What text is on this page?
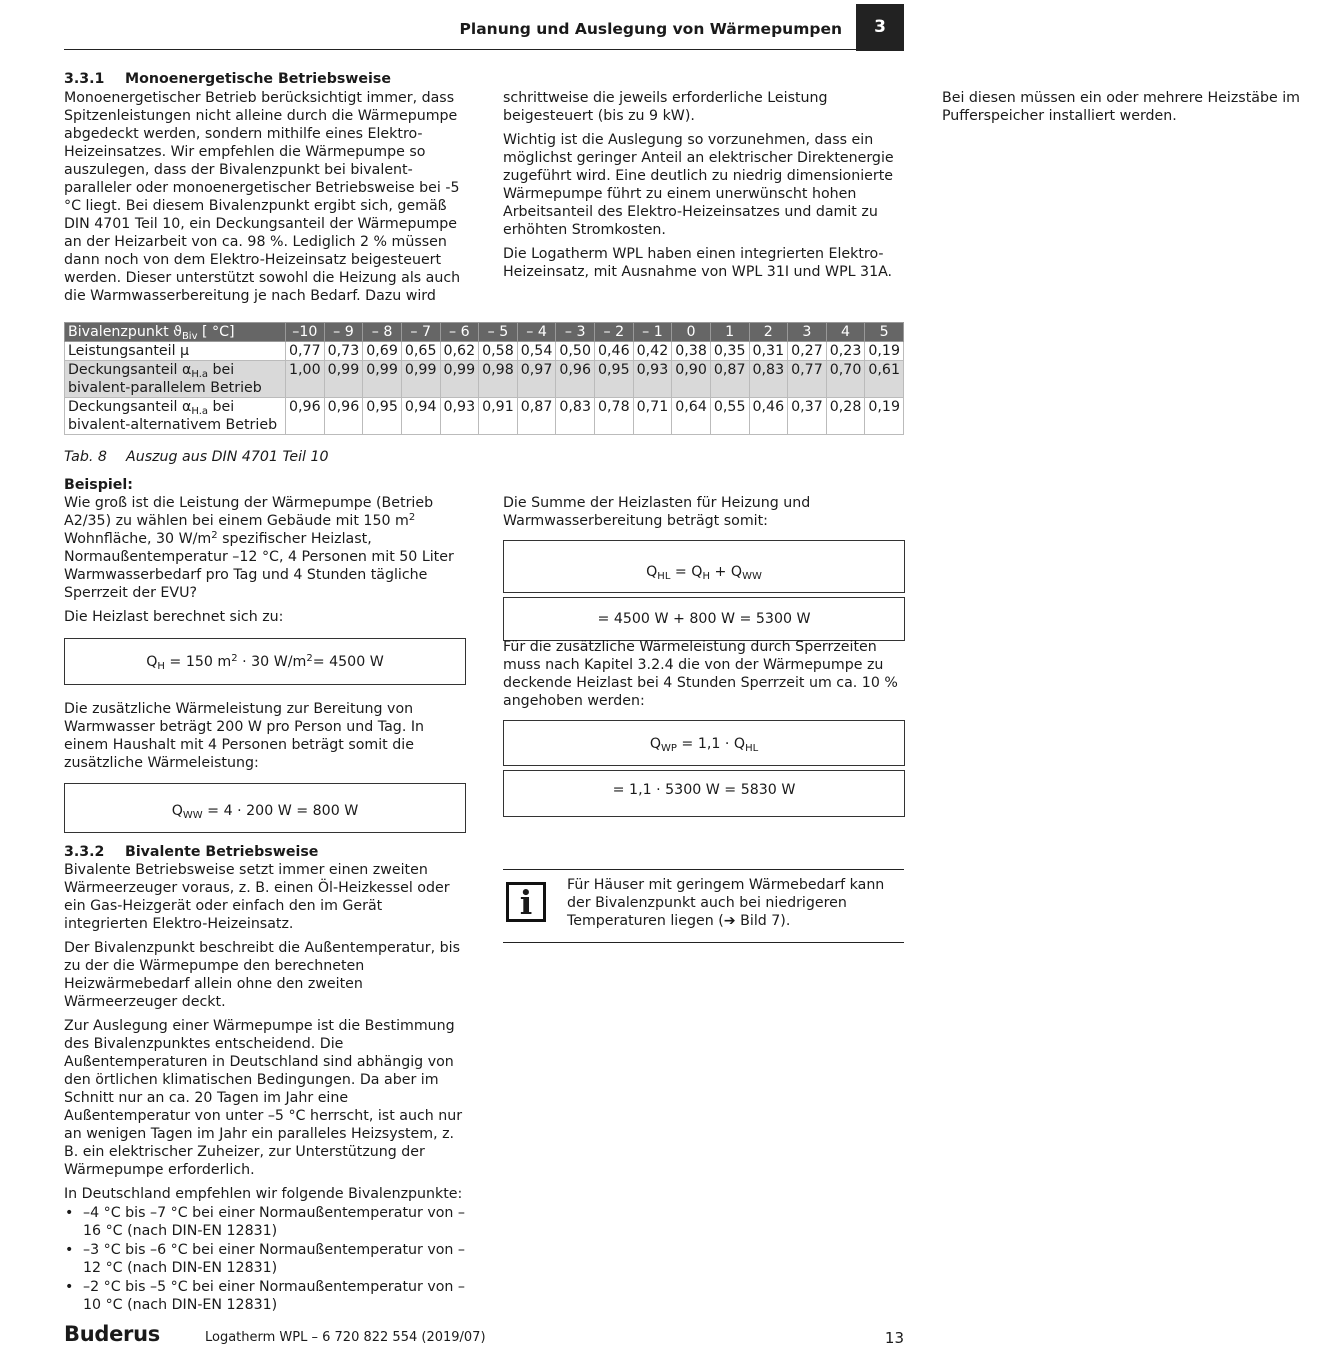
Planung und Auslegung von Wärmepumpen	3
3.3.1 Monoenergetische Betriebsweise

Monoenergetischer Betrieb berücksichtigt immer, dass Spitzenleistungen nicht alleine durch die Wärmepumpe abgedeckt werden, sondern mithilfe eines Elektro-Heizeinsatzes. Wir empfehlen die Wärmepumpe so auszulegen, dass der Bivalenzpunkt bei bivalent-paralleler oder monoenergetischer Betriebsweise bei -5 °C liegt. Bei diesem Bivalenzpunkt ergibt sich, gemäß DIN 4701 Teil 10, ein Deckungsanteil der Wärmepumpe an der Heizarbeit von ca. 98 %. Lediglich 2 % müssen dann noch von dem Elektro-Heizeinsatz beigesteuert werden. Dieser unterstützt sowohl die Heizung als auch die Warmwasserbereitung je nach Bedarf. Dazu wird schrittweise die jeweils erforderliche Leistung beigesteuert (bis zu 9 kW).

Wichtig ist die Auslegung so vorzunehmen, dass ein möglichst geringer Anteil an elektrischer Direktenergie zugeführt wird. Eine deutlich zu niedrig dimensionierte Wärmepumpe führt zu einem unerwünscht hohen Arbeitsanteil des Elektro-Heizeinsatzes und damit zu erhöhten Stromkosten.

Die Logatherm WPL haben einen integrierten Elektro-Heizeinsatz, mit Ausnahme von WPL 31I und WPL 31A. Bei diesen müssen ein oder mehrere Heizstäbe im Pufferspeicher installiert werden.

Bivalenzpunkt $ϑ_{Biv}$ [ °C]	–10	– 9	– 8	– 7	– 6	– 5	– 4	– 3	– 2	– 1	0	1	2	3	4	5
Leistungsanteil µ	0,77	0,73	0,69	0,65	0,62	0,58	0,54	0,50	0,46	0,42	0,38	0,35	0,31	0,27	0,23	0,19
Deckungsanteil $\alpha_{H.a}$ bei
bivalent-parallelem Betrieb	1,00	0,99	0,99	0,99	0,99	0,98	0,97	0,96	0,95	0,93	0,90	0,87	0,83	0,77	0,70	0,61
Deckungsanteil $\alpha_{H.a}$ bei
bivalent-alternativem Betrieb	0,96	0,96	0,95	0,94	0,93	0,91	0,87	0,83	0,78	0,71	0,64	0,55	0,46	0,37	0,28	0,19
Tab. 8 Auszug aus DIN 4701 Teil 10
Beispiel:

Wie groß ist die Leistung der Wärmepumpe (Betrieb A2/35) zu wählen bei einem Gebäude mit 150 $m^2$ Wohnfläche, 30 $W/m^2$ spezifischer Heizlast, Normaußentemperatur –12 °C, 4 Personen mit 50 Liter Warmwasserbedarf pro Tag und 4 Stunden tägliche Sperrzeit der EVU?

Die Heizlast berechnet sich zu:

$Q_H = 150$ $m^2 \cdot 30$ $W/m^2= 4500$ W

Die zusätzliche Wärmeleistung zur Bereitung von Warmwasser beträgt 200 W pro Person und Tag. In einem Haushalt mit 4 Personen beträgt somit die zusätzliche Wärmeleistung:

$Q_{WW} = 4 \cdot 200$ W = 800 W
3.3.2 Bivalente Betriebsweise

Bivalente Betriebsweise setzt immer einen zweiten Wärmeerzeuger voraus, z. B. einen Öl-Heizkessel oder ein Gas-Heizgerät oder einfach den im Gerät integrierten Elektro-Heizeinsatz.

Der Bivalenzpunkt beschreibt die Außentemperatur, bis zu der die Wärmepumpe den berechneten Heizwärmebedarf allein ohne den zweiten Wärmeerzeuger deckt.

Zur Auslegung einer Wärmepumpe ist die Bestimmung des Bivalenzpunktes entscheidend. Die Außentemperaturen in Deutschland sind abhängig von den örtlichen klimatischen Bedingungen. Da aber im Schnitt nur an ca. 20 Tagen im Jahr eine Außentemperatur von unter –5 °C herrscht, ist auch nur an wenigen Tagen im Jahr ein paralleles Heizsystem, z. B. ein elektrischer Zuheizer, zur Unterstützung der Wärmepumpe erforderlich.

In Deutschland empfehlen wir folgende Bivalenzpunkte:

• –4 °C bis –7 °C bei einer Normaußentemperatur von –16 °C (nach DIN-EN 12831)
• –3 °C bis –6 °C bei einer Normaußentemperatur von –12 °C (nach DIN-EN 12831)
• –2 °C bis –5 °C bei einer Normaußentemperatur von –10 °C (nach DIN-EN 12831)

Die Summe der Heizlasten für Heizung und Warmwasserbereitung beträgt somit:

$Q_{HL} = Q_H + Q_{WW}$
= 4500 W + 800 W = 5300 W

Für die zusätzliche Wärmeleistung durch Sperrzeiten muss nach Kapitel 3.2.4 die von der Wärmepumpe zu deckende Heizlast bei 4 Stunden Sperrzeit um ca. 10 % angehoben werden:

$Q_{WP} = 1,1 \cdot Q_{HL}$
= 1,1 · 5300 W = 5830 W
i	Für Häuser mit geringem Wärmebedarf kann der Bivalenzpunkt auch bei niedrigeren Temperaturen liegen (➔ Bild 7).
Buderus	Logatherm WPL – 6 720 822 554 (2019/07)	13
